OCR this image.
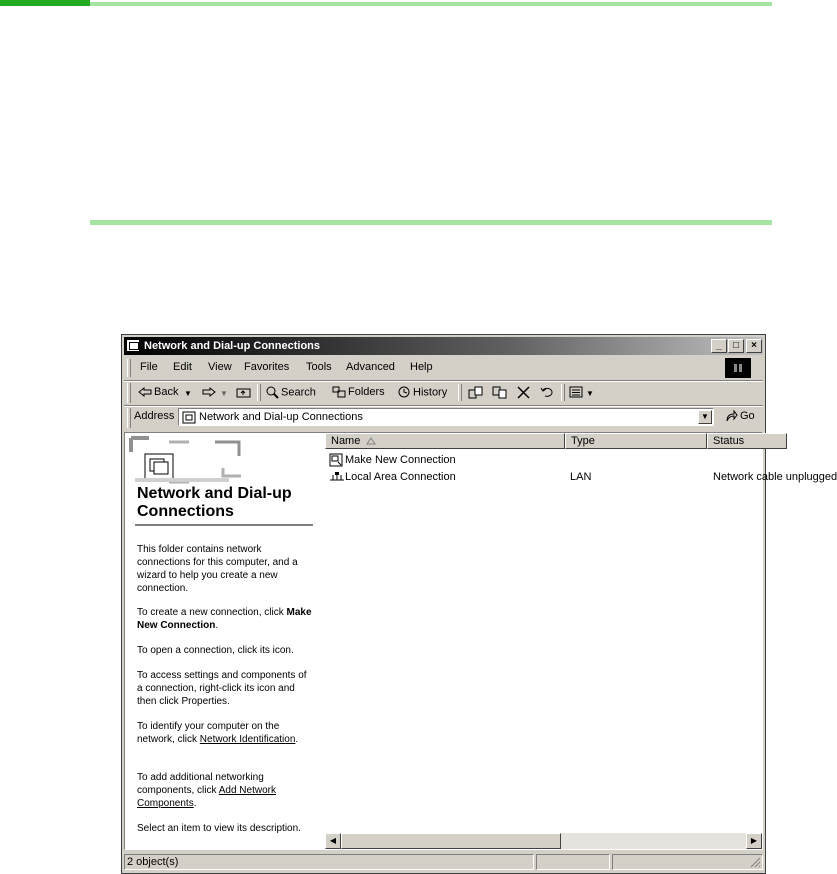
Network and Dial-up Connections	_	□	×
File Edit View Favorites Tools Advanced Help
Back ▼	▼	Search	Folders	History	▼
Address Network and Dial-up Connections	▼	Go
Network and Dial-up Connections
This folder contains network connections for this computer, and a wizard to help you create a new connection.
To create a new connection, click Make New Connection.
To open a connection, click its icon.
To access settings and components of a connection, right-click its icon and then click Properties.
To identify your computer on the network, click Network Identification.
To add additional networking components, click Add Network Components.
Select an item to view its description.
Name	Type	Status
Make New Connection
Local Area Connection	LAN	Network cable unplugged
◀	▶
2 object(s)
